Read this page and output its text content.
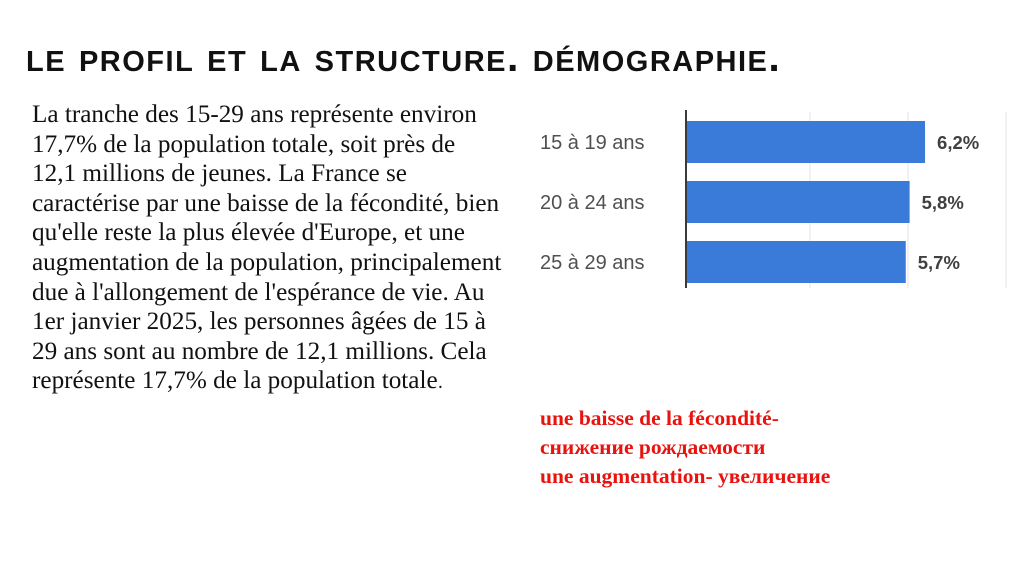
le profil et la structure. démographie.
La tranche des 15-29 ans représente environ 17,7% de la population totale, soit près de 12,1 millions de jeunes. La France se caractérise par une baisse de la fécondité, bien qu'elle reste la plus élevée d'Europe, et une augmentation de la population, principalement due à l'allongement de l'espérance de vie. Au 1er janvier 2025, les personnes âgées de 15 à 29 ans sont au nombre de 12,1 millions. Cela représente 17,7% de la population totale.
15 à 19 ans	6,2%
20 à 24 ans	5,8%
25 à 29 ans	5,7%
une baisse de la fécondité-
снижение рождаемости
une augmentation- увеличение
